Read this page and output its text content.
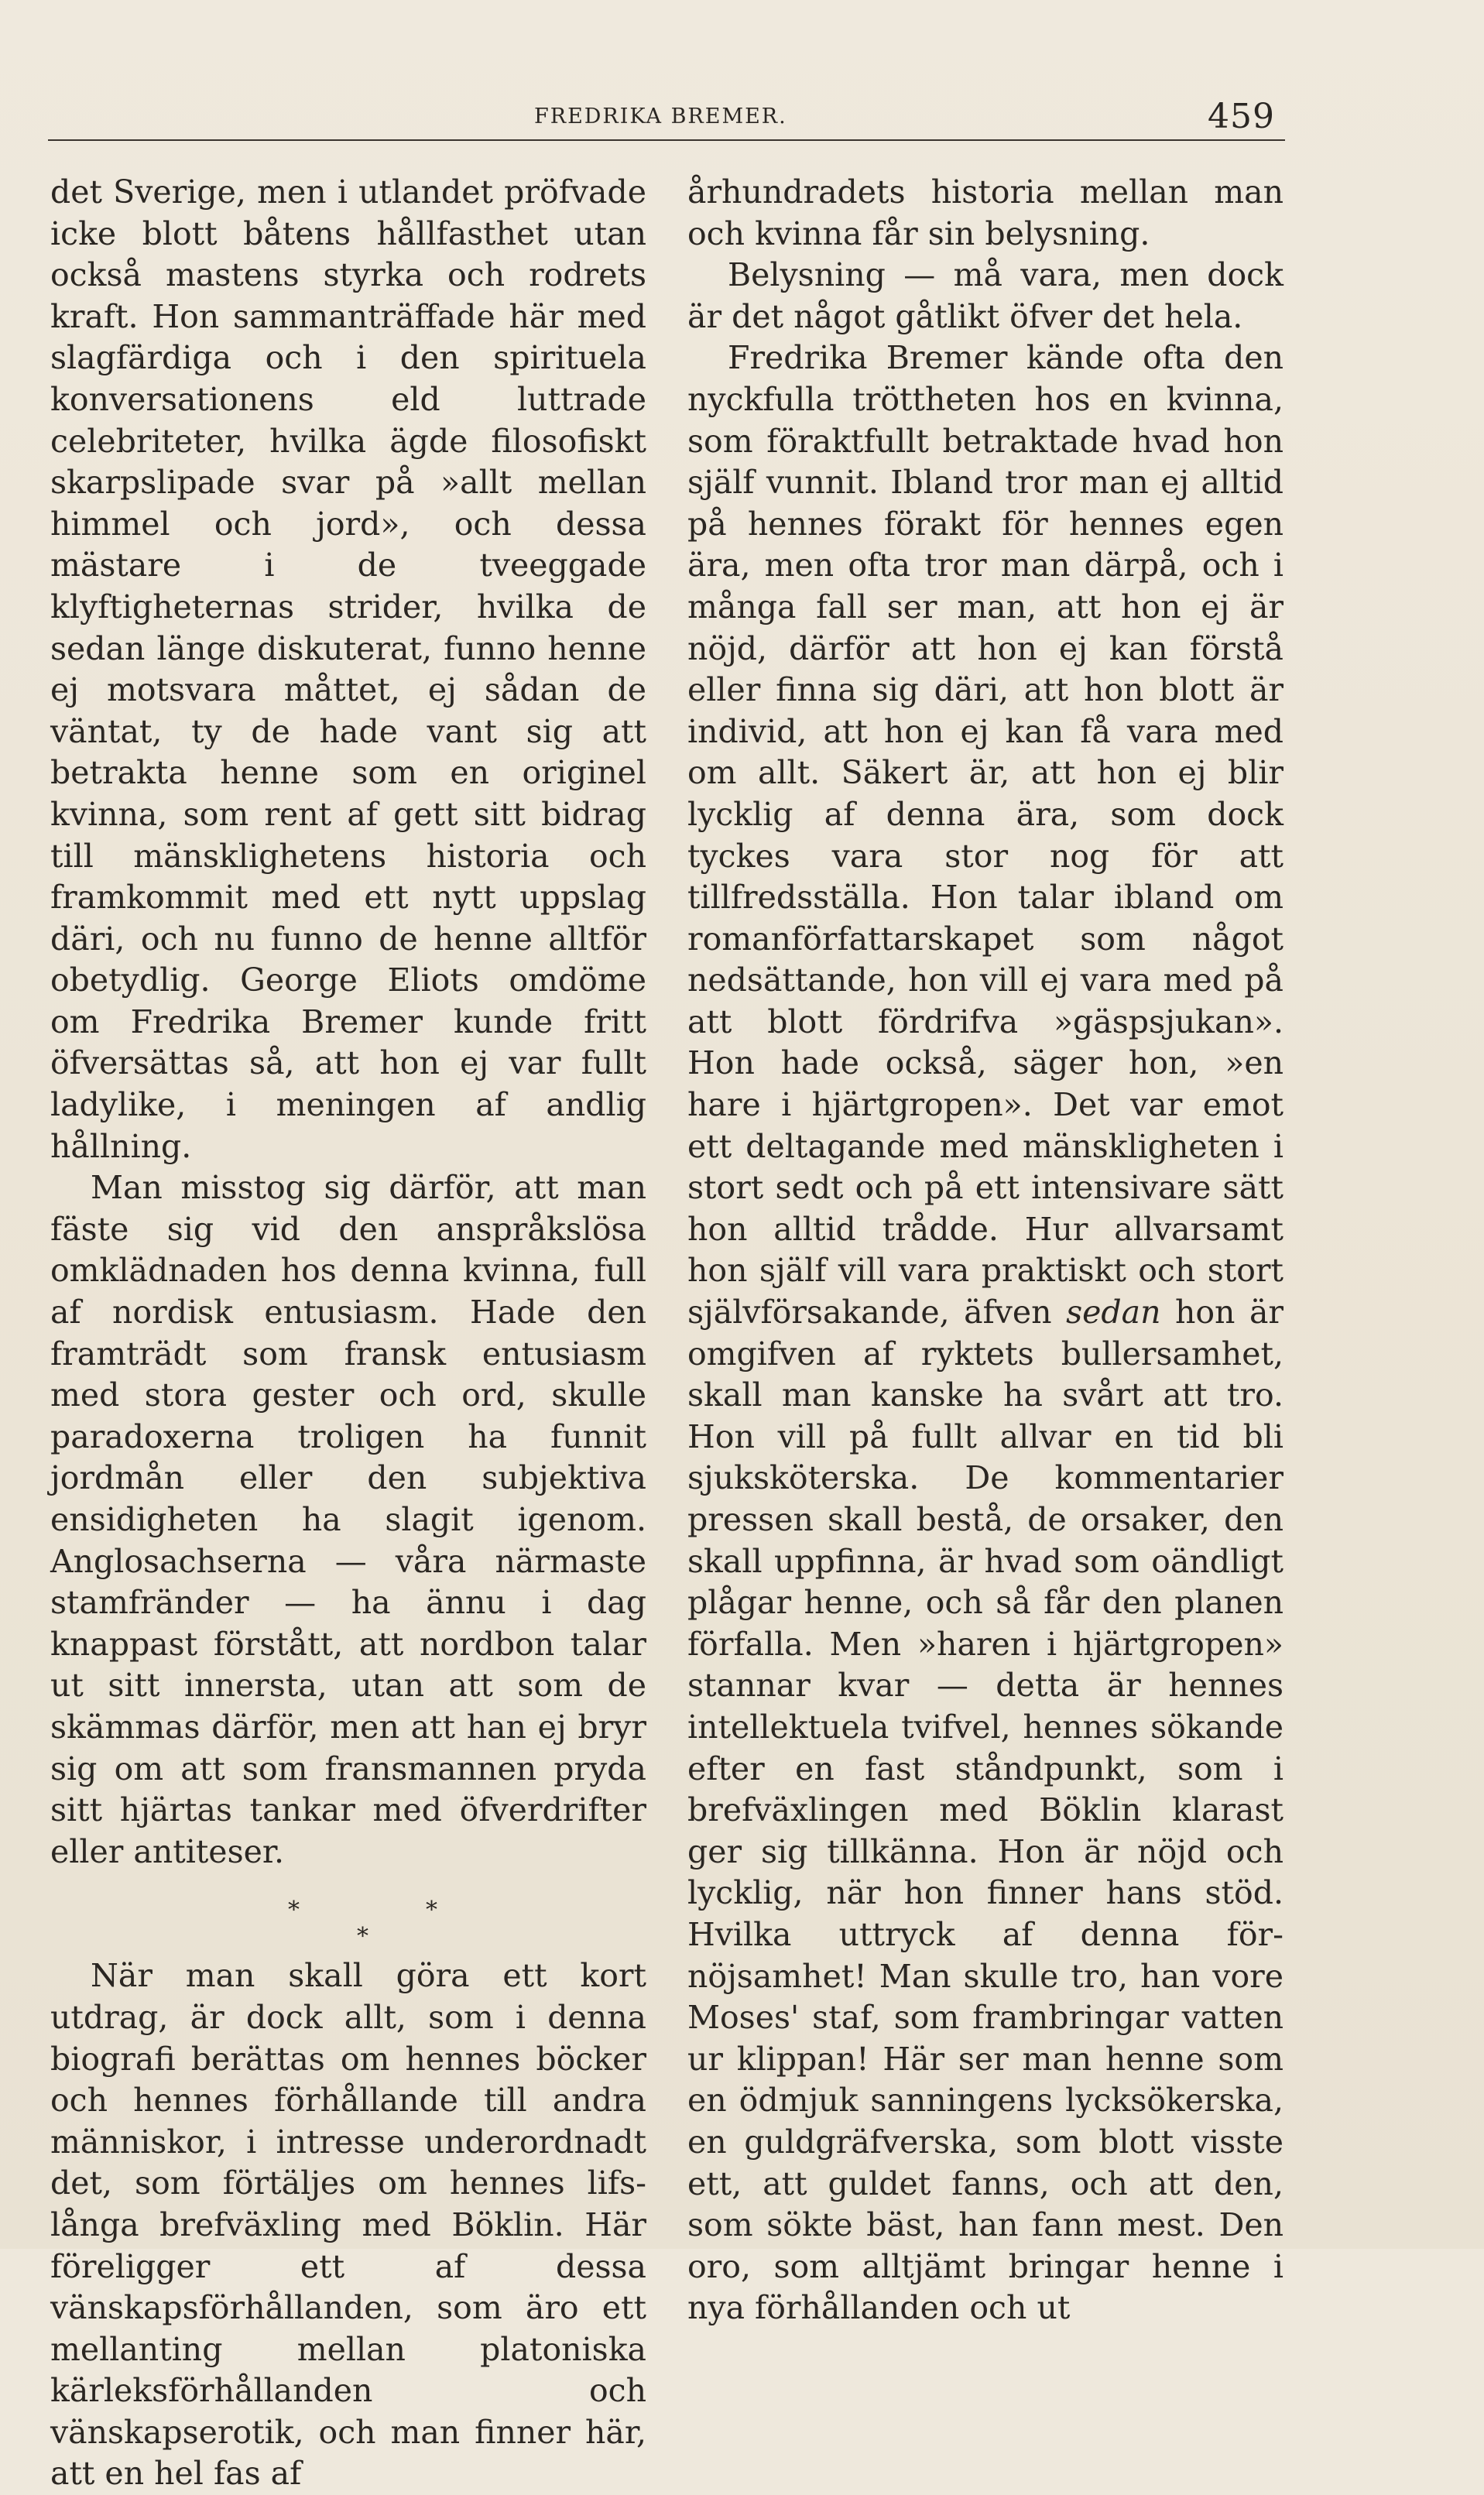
FREDRIKA BREMER.	459

det Sverige, men i utlandet pröfvade icke blott båtens hållfasthet utan också mastens styrka och rodrets kraft. Hon sammanträffade här med slagfärdiga och i den spirituela konversationens eld luttrade celebriteter, hvilka ägde filosofiskt skarpslipade svar på »allt mellan himmel och jord», och dessa mästare i de tveeggade klyftigheternas strider, hvilka de sedan länge diskuterat, funno henne ej motsvara måttet, ej sådan de väntat, ty de hade vant sig att betrakta henne som en originel kvinna, som rent af gett sitt bidrag till mänsklighetens historia och framkommit med ett nytt uppslag däri, och nu funno de henne alltför obetydlig. George Eliots omdöme om Fredrika Bremer kunde fritt öfversättas så, att hon ej var fullt ladylike, i meningen af andlig hållning.

Man misstog sig därför, att man fäste sig vid den anspråkslösa omklädnaden hos denna kvinna, full af nordisk entusiasm. Hade den framträdt som fransk entusiasm med stora gester och ord, skulle paradoxerna troligen ha funnit jordmån eller den subjektiva ensidigheten ha slagit igenom. Anglosachserna — våra närmaste stamfränder — ha ännu i dag knappast förstått, att nordbon talar ut sitt innersta, utan att som de skämmas därför, men att han ej bryr sig om att som fransmannen pryda sitt hjärtas tankar med öfverdrifter eller antiteser.

*	*
*

När man skall göra ett kort utdrag, är dock allt, som i denna biografi berättas om hennes böcker och hennes förhållande till andra människor, i intresse underordnadt det, som förtäljes om hennes lifslånga brefväxling med Böklin. Här föreligger ett af dessa vänskapsförhållanden, som äro ett mellanting mellan platoniska kärleksförhållanden och vänskapserotik, och man finner här, att en hel fas af

århundradets historia mellan man och kvinna får sin belysning.

Belysning — må vara, men dock är det något gåtlikt öfver det hela.

Fredrika Bremer kände ofta den nyckfulla tröttheten hos en kvinna, som föraktfullt betraktade hvad hon själf vunnit. Ibland tror man ej alltid på hennes förakt för hennes egen ära, men ofta tror man därpå, och i många fall ser man, att hon ej är nöjd, därför att hon ej kan förstå eller finna sig däri, att hon blott är individ, att hon ej kan få vara med om allt. Säkert är, att hon ej blir lycklig af denna ära, som dock tyckes vara stor nog för att tillfredsställa. Hon talar ibland om romanförfattarskapet som något nedsättande, hon vill ej vara med på att blott fördrifva »gäspsjukan». Hon hade också, säger hon, »en hare i hjärtgropen». Det var emot ett deltagande med mänskligheten i stort sedt och på ett intensivare sätt hon alltid trådde. Hur allvarsamt hon själf vill vara praktiskt och stort självförsakande, äfven sedan hon är omgifven af ryktets bullersamhet, skall man kanske ha svårt att tro. Hon vill på fullt allvar en tid bli sjuksköterska. De kommentarier pressen skall bestå, de orsaker, den skall uppfinna, är hvad som oändligt plågar henne, och så får den planen förfalla. Men »haren i hjärtgropen» stannar kvar — detta är hennes intellektuela tvifvel, hennes sökande efter en fast ståndpunkt, som i brefväxlingen med Böklin klarast ger sig tillkänna. Hon är nöjd och lycklig, när hon finner hans stöd. Hvilka uttryck af denna förnöjsamhet! Man skulle tro, han vore Moses' staf, som frambringar vatten ur klippan! Här ser man henne som en ödmjuk sanningens lycksökerska, en guldgräfverska, som blott visste ett, att guldet fanns, och att den, som sökte bäst, han fann mest. Den oro, som alltjämt bringar henne i nya förhållanden och ut
